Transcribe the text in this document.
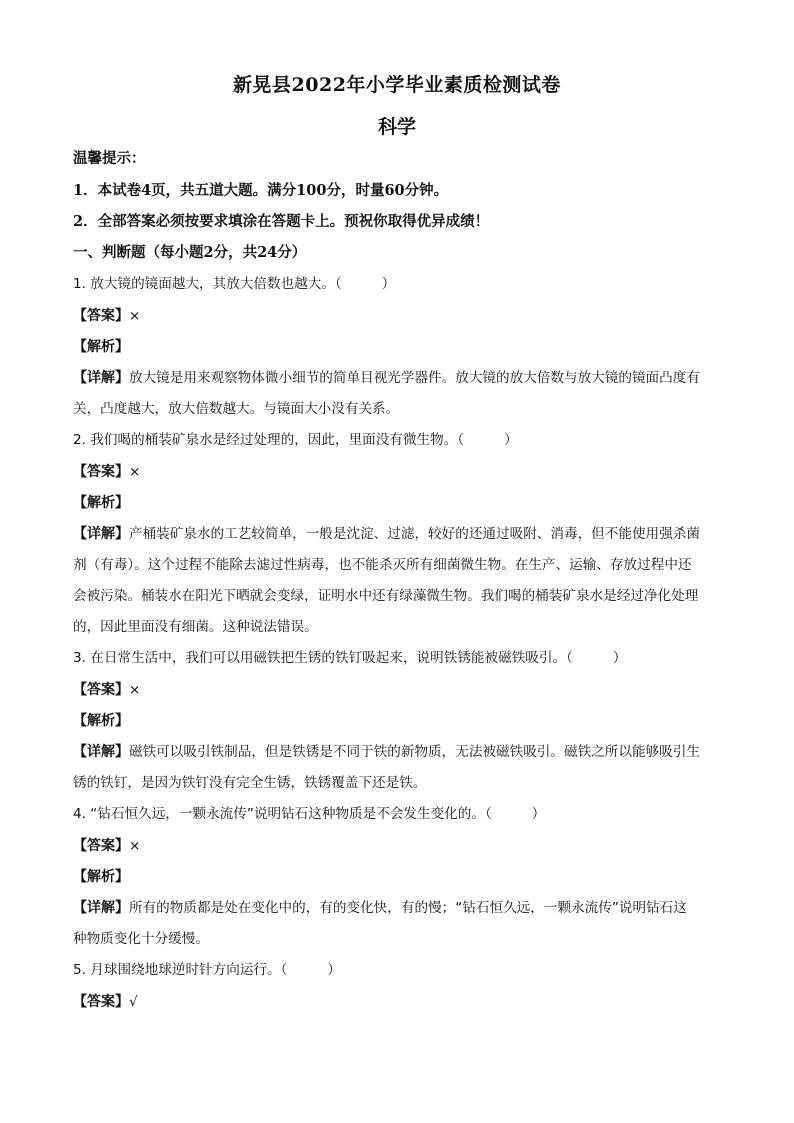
新晃县2022年小学毕业素质检测试卷
科学
温馨提示：
1．本试卷4页，共五道大题。满分100分，时量60分钟。
2．全部答案必须按要求填涂在答题卡上。预祝你取得优异成绩！
一、判断题（每小题2分，共24分）
1. 放大镜的镜面越大，其放大倍数也越大。（	）
【答案】×
【解析】
【详解】放大镜是用来观察物体微小细节的简单目视光学器件。放大镜的放大倍数与放大镜的镜面凸度有
关，凸度越大，放大倍数越大。与镜面大小没有关系。
2. 我们喝的桶装矿泉水是经过处理的，因此，里面没有微生物。（	）
【答案】×
【解析】
【详解】产桶装矿泉水的工艺较简单，一般是沈淀、过滤，较好的还通过吸附、消毒，但不能使用强杀菌
剂（有毒）。这个过程不能除去滤过性病毒，也不能杀灭所有细菌微生物。在生产、运输、存放过程中还
会被污染。桶装水在阳光下晒就会变绿，证明水中还有绿藻微生物。我们喝的桶装矿泉水是经过净化处理
的，因此里面没有细菌。这种说法错误。
3. 在日常生活中，我们可以用磁铁把生锈的铁钉吸起来，说明铁锈能被磁铁吸引。（	）
【答案】×
【解析】
【详解】磁铁可以吸引铁制品，但是铁锈是不同于铁的新物质，无法被磁铁吸引。磁铁之所以能够吸引生
锈的铁钉，是因为铁钉没有完全生锈，铁锈覆盖下还是铁。
4. “钻石恒久远，一颗永流传”说明钻石这种物质是不会发生变化的。（	）
【答案】×
【解析】
【详解】所有的物质都是处在变化中的，有的变化快，有的慢；“钻石恒久远，一颗永流传”说明钻石这
种物质变化十分缓慢。
5. 月球围绕地球逆时针方向运行。（	）
【答案】√
